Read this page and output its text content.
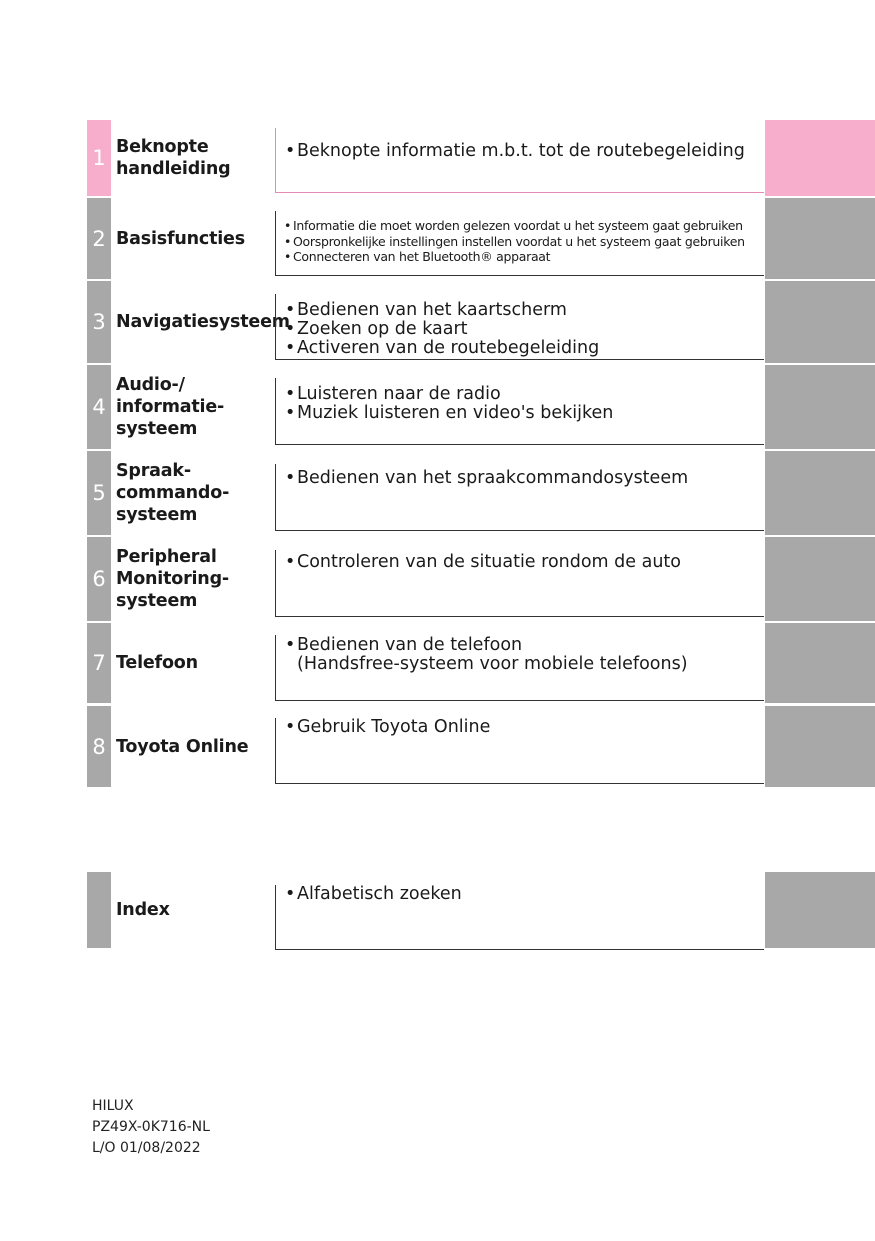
1 Beknopte
handleiding
• Beknopte informatie m.b.t. tot de routebegeleiding
2 Basisfuncties
• Informatie die moet worden gelezen voordat u het systeem gaat gebruiken
• Oorspronkelijke instellingen instellen voordat u het systeem gaat gebruiken
• Connecteren van het Bluetooth® apparaat
3 Navigatiesysteem
• Bedienen van het kaartscherm
• Zoeken op de kaart
• Activeren van de routebegeleiding
4
Audio-/
informatie-
systeem
• Luisteren naar de radio
• Muziek luisteren en video's bekijken
5
Spraak-
commando-
systeem
• Bedienen van het spraakcommandosysteem
6
Peripheral
Monitoring-
systeem
• Controleren van de situatie rondom de auto
7 Telefoon
• Bedienen van de telefoon
(Handsfree-systeem voor mobiele telefoons)
8 Toyota Online
• Gebruik Toyota Online
Index
• Alfabetisch zoeken
HILUX
PZ49X-0K716-NL
L/O 01/08/2022
